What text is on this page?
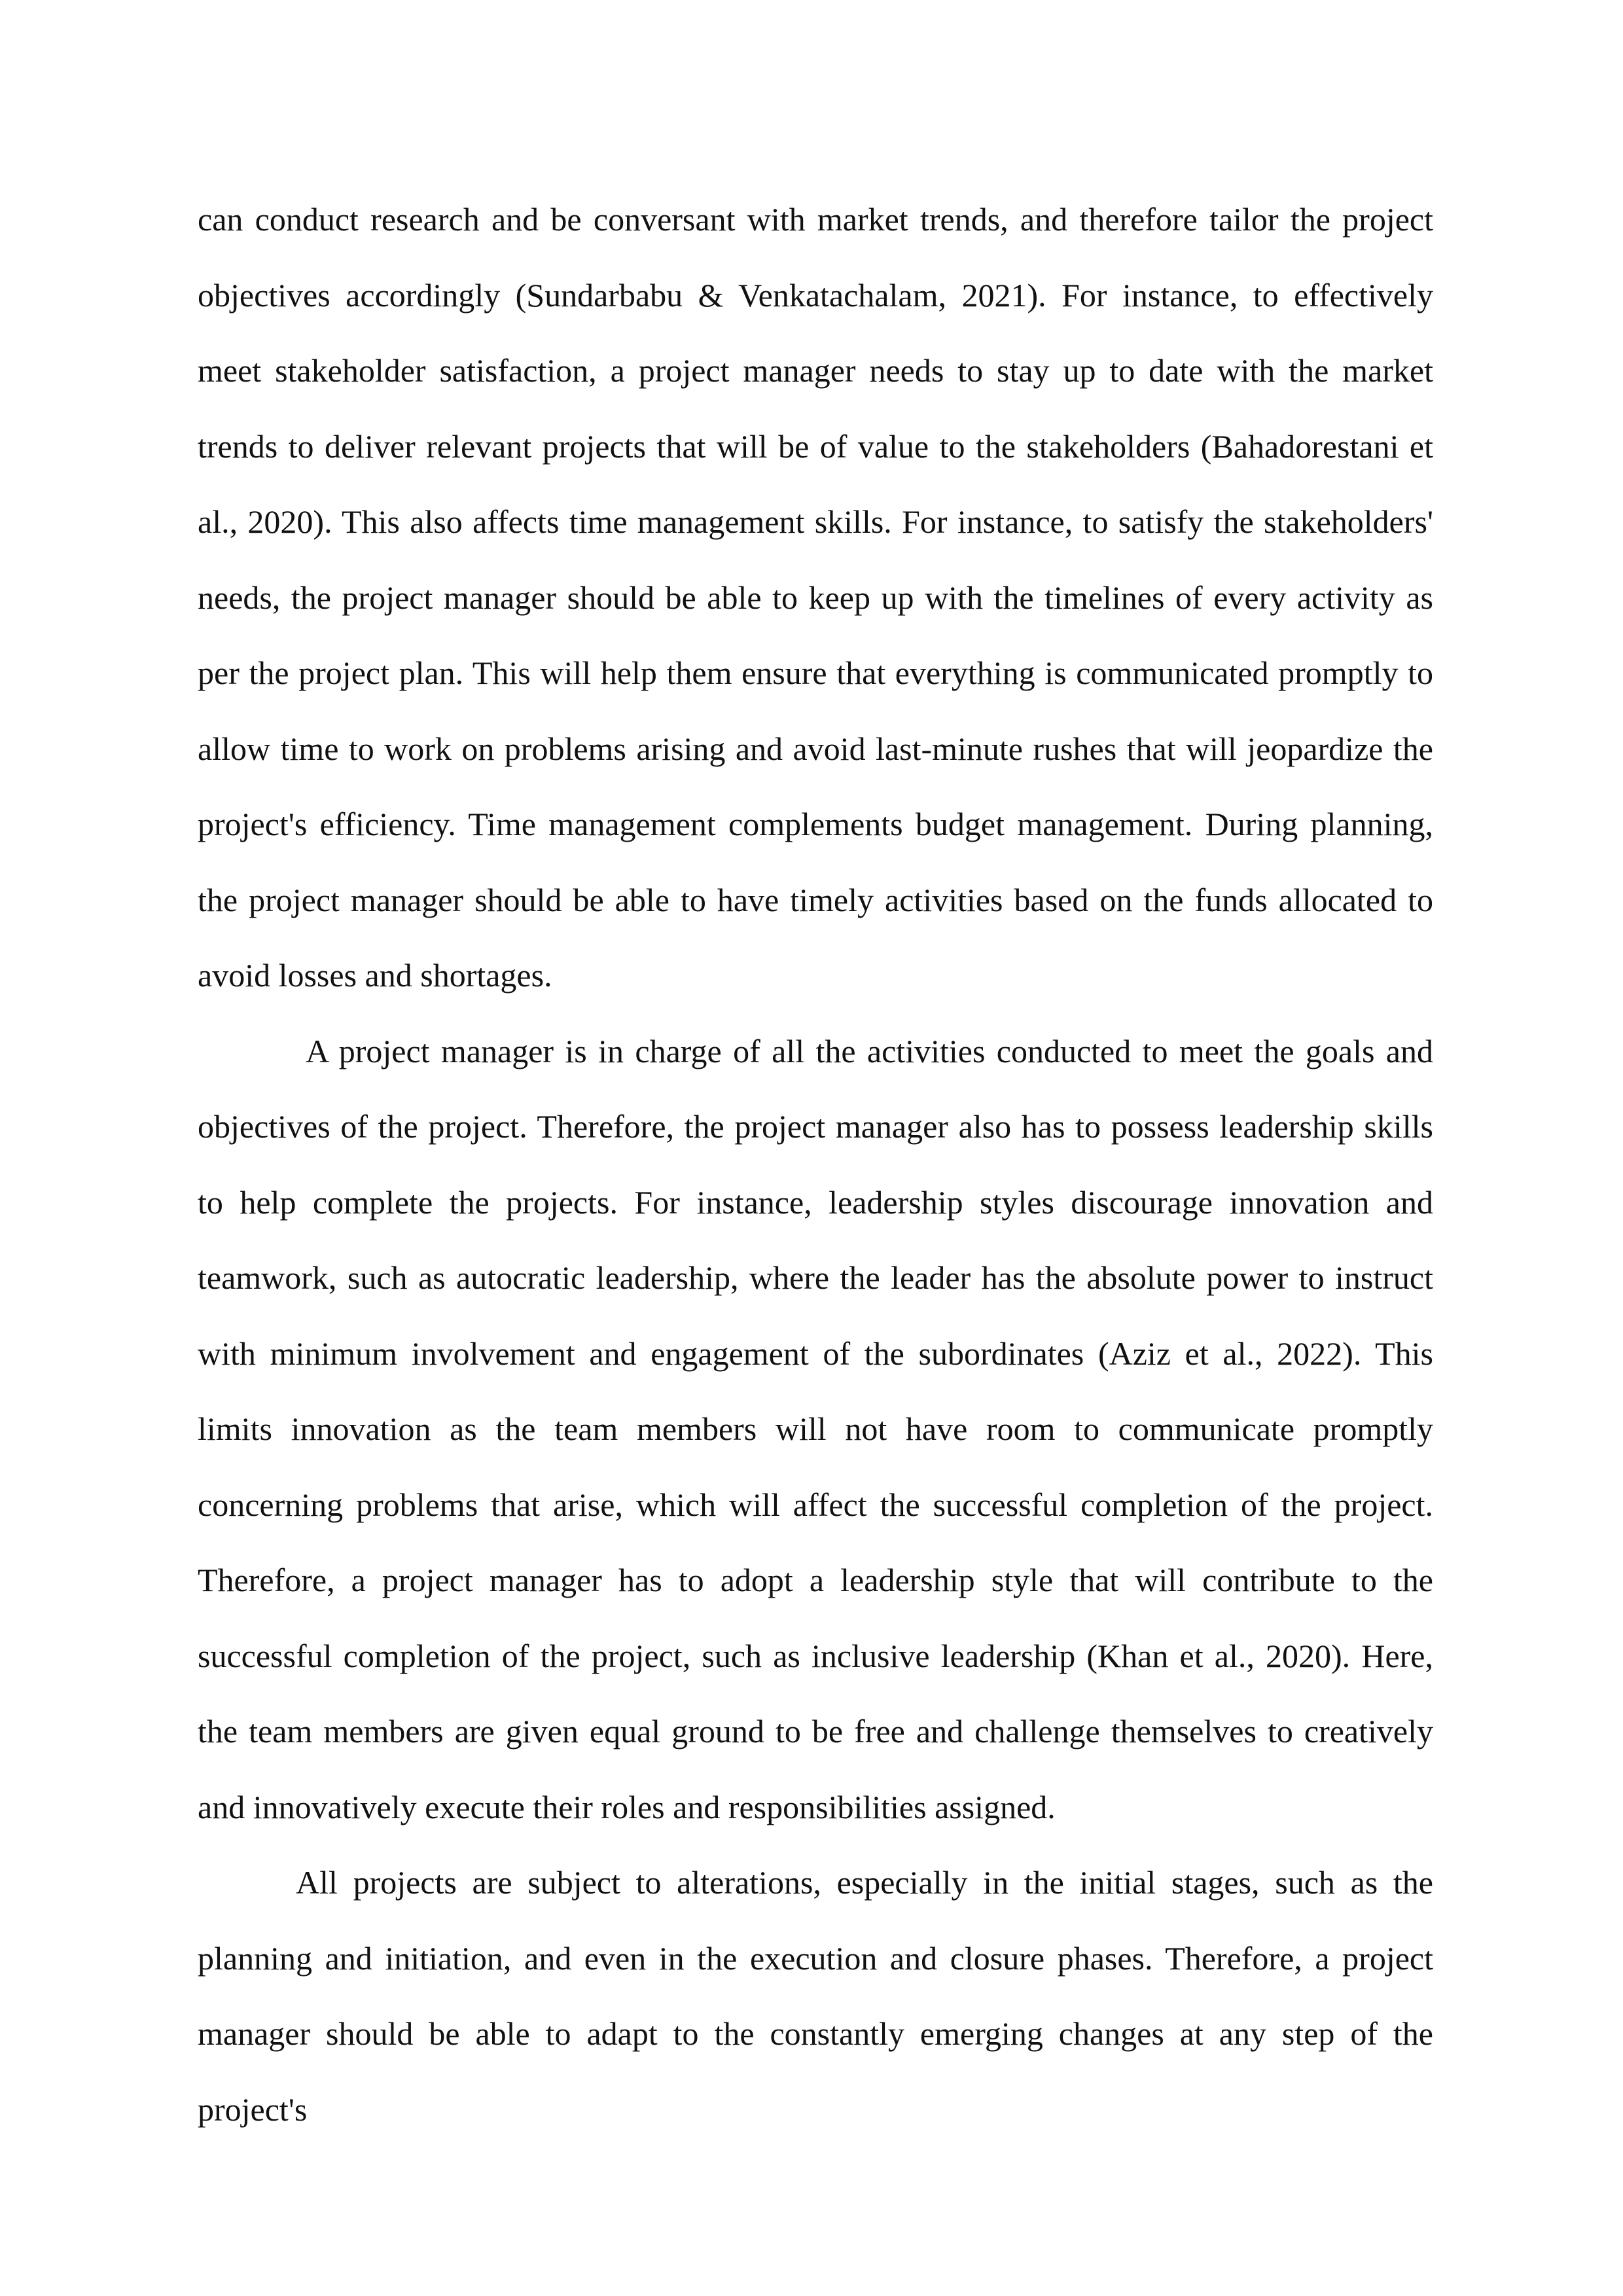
can conduct research and be conversant with market trends, and therefore tailor the project objectives accordingly (Sundarbabu & Venkatachalam, 2021). For instance, to effectively meet stakeholder satisfaction, a project manager needs to stay up to date with the market trends to deliver relevant projects that will be of value to the stakeholders (Bahadorestani et al., 2020). This also affects time management skills. For instance, to satisfy the stakeholders' needs, the project manager should be able to keep up with the timelines of every activity as per the project plan. This will help them ensure that everything is communicated promptly to allow time to work on problems arising and avoid last-minute rushes that will jeopardize the project's efficiency. Time management complements budget management. During planning, the project manager should be able to have timely activities based on the funds allocated to avoid losses and shortages.

A project manager is in charge of all the activities conducted to meet the goals and objectives of the project. Therefore, the project manager also has to possess leadership skills to help complete the projects. For instance, leadership styles discourage innovation and teamwork, such as autocratic leadership, where the leader has the absolute power to instruct with minimum involvement and engagement of the subordinates (Aziz et al., 2022). This limits innovation as the team members will not have room to communicate promptly concerning problems that arise, which will affect the successful completion of the project. Therefore, a project manager has to adopt a leadership style that will contribute to the successful completion of the project, such as inclusive leadership (Khan et al., 2020). Here, the team members are given equal ground to be free and challenge themselves to creatively and innovatively execute their roles and responsibilities assigned.

All projects are subject to alterations, especially in the initial stages, such as the planning and initiation, and even in the execution and closure phases. Therefore, a project manager should be able to adapt to the constantly emerging changes at any step of the project's
